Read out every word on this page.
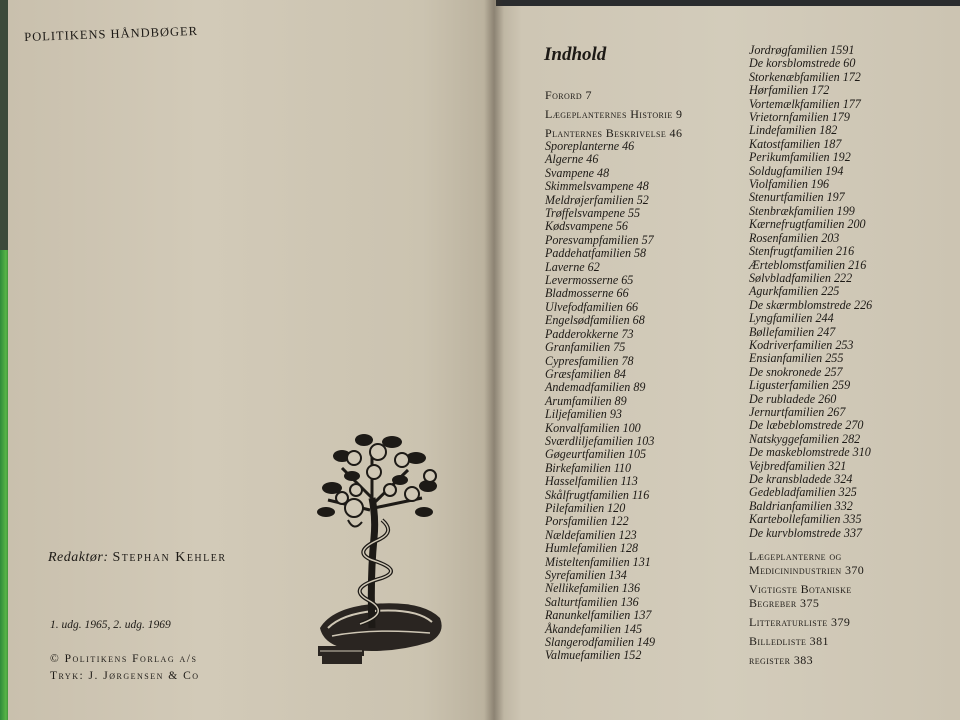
POLITIKENS HÅNDBØGER
Redaktør: Stephan Kehler
1. udg. 1965, 2. udg. 1969
© Politikens Forlag a/s
Tryk: J. Jørgensen & Co
Indhold
Forord 7
Lægeplanternes Historie 9
Planternes Beskrivelse 46
Sporeplanterne 46
Algerne 46
Svampene 48
Skimmelsvampene 48
Meldrøjerfamilien 52
Trøffelsvampene 55
Kødsvampene 56
Poresvampfamilien 57
Paddehatfamilien 58
Laverne 62
Levermosserne 65
Bladmosserne 66
Ulvefodfamilien 66
Engelsødfamilien 68
Padderokkerne 73
Granfamilien 75
Cypresfamilien 78
Græsfamilien 84
Andemadfamilien 89
Arumfamilien 89
Liljefamilien 93
Konvalfamilien 100
Sværdliljefamilien 103
Gøgeurtfamilien 105
Birkefamilien 110
Hasselfamilien 113
Skålfrugtfamilien 116
Pilefamilien 120
Porsfamilien 122
Nældefamilien 123
Humlefamilien 128
Misteltenfamilien 131
Syrefamilien 134
Nellikefamilien 136
Salturtfamilien 136
Ranunkelfamilien 137
Åkandefamilien 145
Slangerodfamilien 149
Valmuefamilien 152
Jordrøgfamilien 1591
De korsblomstrede 60
Storkenæbfamilien 172
Hørfamilien 172
Vortemælkfamilien 177
Vrietornfamilien 179
Lindefamilien 182
Katostfamilien 187
Perikumfamilien 192
Soldugfamilien 194
Violfamilien 196
Stenurtfamilien 197
Stenbrækfamilien 199
Kærnefrugtfamilien 200
Rosenfamilien 203
Stenfrugtfamilien 216
Ærteblomstfamilien 216
Sølvbladfamilien 222
Agurkfamilien 225
De skærmblomstrede 226
Lyngfamilien 244
Bøllefamilien 247
Kodriverfamilien 253
Ensianfamilien 255
De snokronede 257
Ligusterfamilien 259
De rubladede 260
Jernurtfamilien 267
De læbeblomstrede 270
Natskyggefamilien 282
De maskeblomstrede 310
Vejbredfamilien 321
De kransbladede 324
Gedebladfamilien 325
Baldrianfamilien 332
Kartebollefamilien 335
De kurvblomstrede 337
Lægeplanterne og
Medicinindustrien 370
Vigtigste Botaniske
Begreber 375
Litteraturliste 379
Billedliste 381
register 383
